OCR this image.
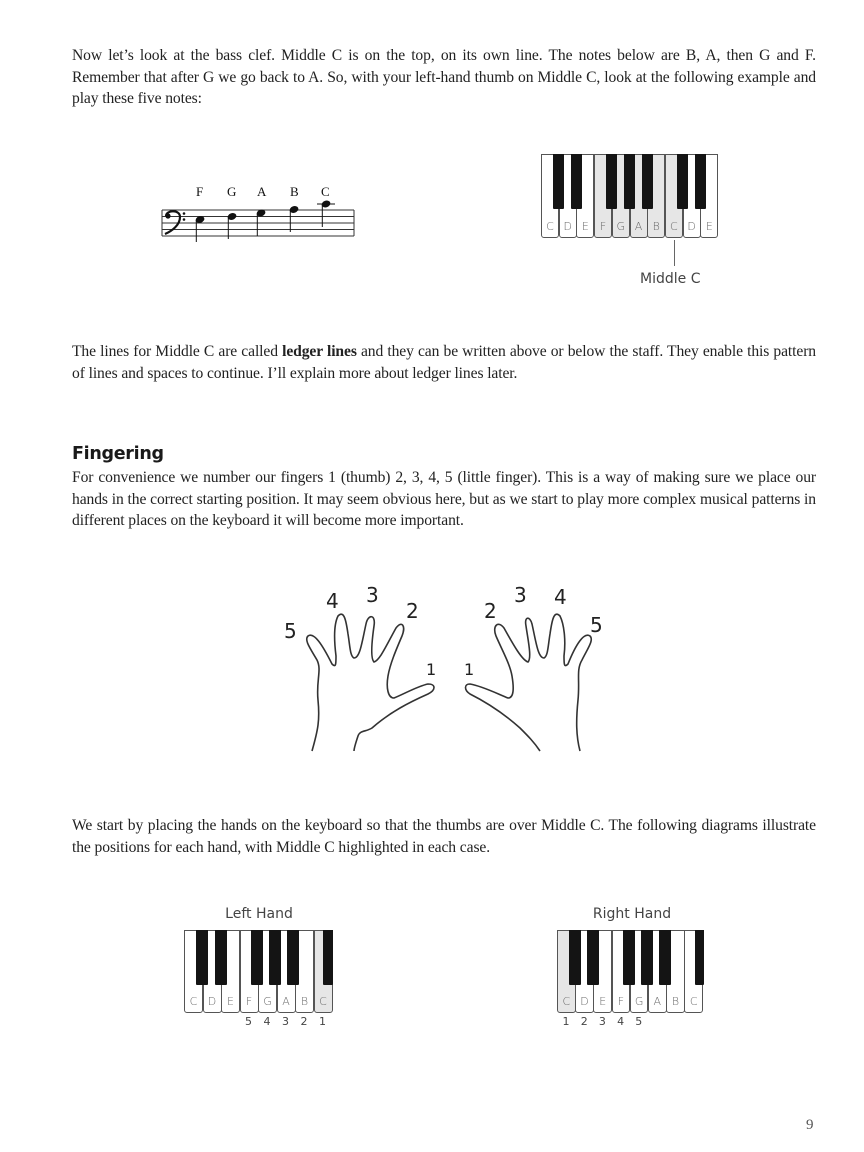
Now let’s look at the bass clef. Middle C is on the top, on its own line. The notes below are B, A, then G and F. Remember that after G we go back to A. So, with your left-hand thumb on Middle C, look at the following example and play these five notes:

F G A B C
C D E	F G A B C D E
Middle C

The lines for Middle C are called ledger lines and they can be written above or below the staff. They enable this pattern of lines and spaces to continue. I’ll explain more about ledger lines later.

Fingering

For convenience we number our fingers 1 (thumb) 2, 3, 4, 5 (little finger). This is a way of making sure we place our hands in the correct starting position. It may seem obvious here, but as we start to play more complex musical patterns in different places on the keyboard it will become more important.

5
4 3
2
1 1
2
3 4
5

We start by placing the hands on the keyboard so that the thumbs are over Middle C. The following diagrams illustrate the positions for each hand, with Middle C highlighted in each case.

Left Hand
C D E	F	G A	B	C
5	4	3	2	1
Right Hand
C D E	F G A B C
1	2	3	4	5
9
